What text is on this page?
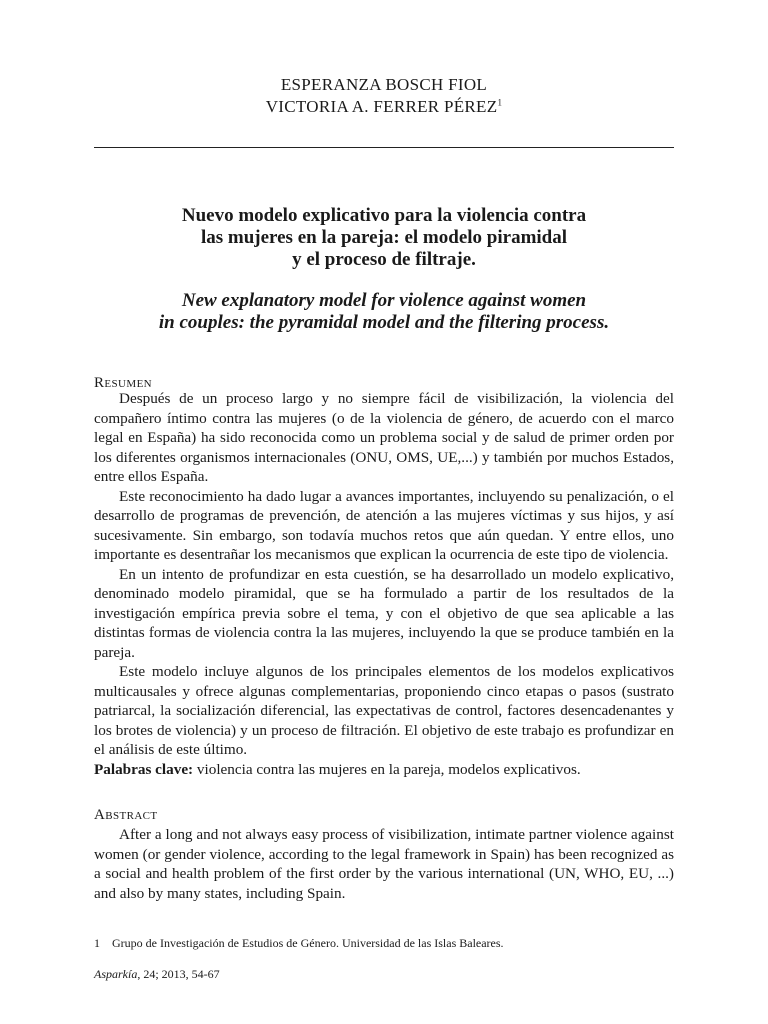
ESPERANZA BOSCH FIOL
VICTORIA A. FERRER PÉREZ$^1$
Nuevo modelo explicativo para la violencia contra
las mujeres en la pareja: el modelo piramidal
y el proceso de filtraje.
New explanatory model for violence against women
in couples: the pyramidal model and the filtering process.
Resumen

Después de un proceso largo y no siempre fácil de visibilización, la violencia del compañero íntimo contra las mujeres (o de la violencia de género, de acuerdo con el marco legal en España) ha sido reconocida como un problema social y de salud de primer orden por los diferentes organismos internacionales (ONU, OMS, UE,...) y también por muchos Estados, entre ellos España.

Este reconocimiento ha dado lugar a avances importantes, incluyendo su penalización, o el desarrollo de programas de prevención, de atención a las mujeres víctimas y sus hijos, y así sucesivamente. Sin embargo, son todavía muchos retos que aún quedan. Y entre ellos, uno importante es desentrañar los mecanismos que explican la ocurrencia de este tipo de violencia.

En un intento de profundizar en esta cuestión, se ha desarrollado un modelo explicativo, denominado modelo piramidal, que se ha formulado a partir de los resultados de la investigación empírica previa sobre el tema, y con el objetivo de que sea aplicable a las distintas formas de violencia contra la las mujeres, incluyendo la que se produce también en la pareja.

Este modelo incluye algunos de los principales elementos de los modelos explicativos multicausales y ofrece algunas complementarias, proponiendo cinco etapas o pasos (sustrato patriarcal, la socialización diferencial, las expectativas de control, factores desencadenantes y los brotes de violencia) y un proceso de filtración. El objetivo de este trabajo es profundizar en el análisis de este último.

Palabras clave: violencia contra las mujeres en la pareja, modelos explicativos.

Abstract

After a long and not always easy process of visibilization, intimate partner violence against women (or gender violence, according to the legal framework in Spain) has been recognized as a social and health problem of the first order by the various international (UN, WHO, EU, ...) and also by many states, including Spain.

1 Grupo de Investigación de Estudios de Género. Universidad de las Islas Baleares.
Asparkía, 24; 2013, 54-67
